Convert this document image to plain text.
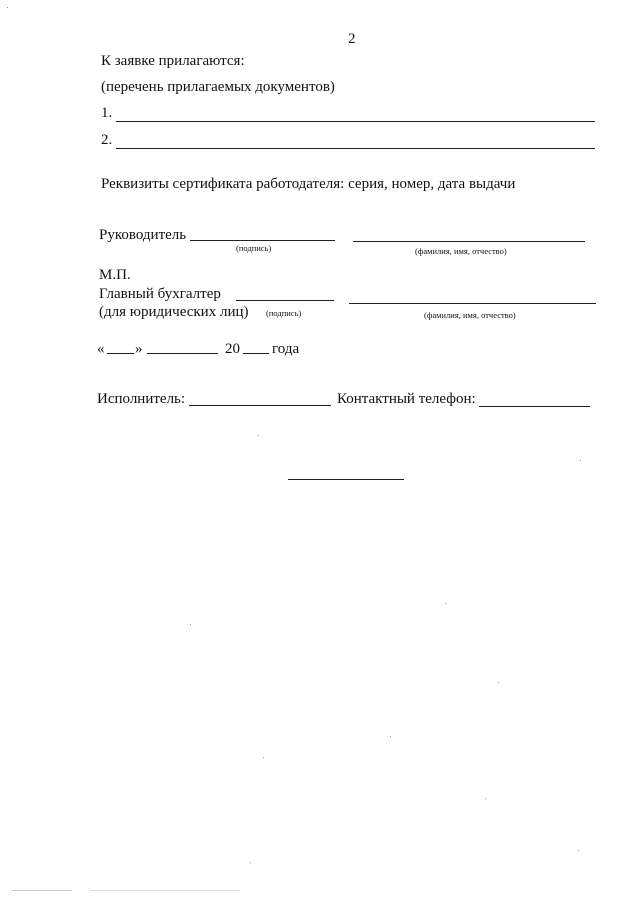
2
К заявке прилагаются:
(перечень прилагаемых документов)
1.
2.
Реквизиты сертификата работодателя: серия, номер, дата выдачи
Руководитель
(подпись)	(фамилия, имя, отчество)
М.П.
Главный бухгалтер
(для юридических лиц) (подпись)	(фамилия, имя, отчество)
« »	20 года
Исполнитель:	Контактный телефон:
